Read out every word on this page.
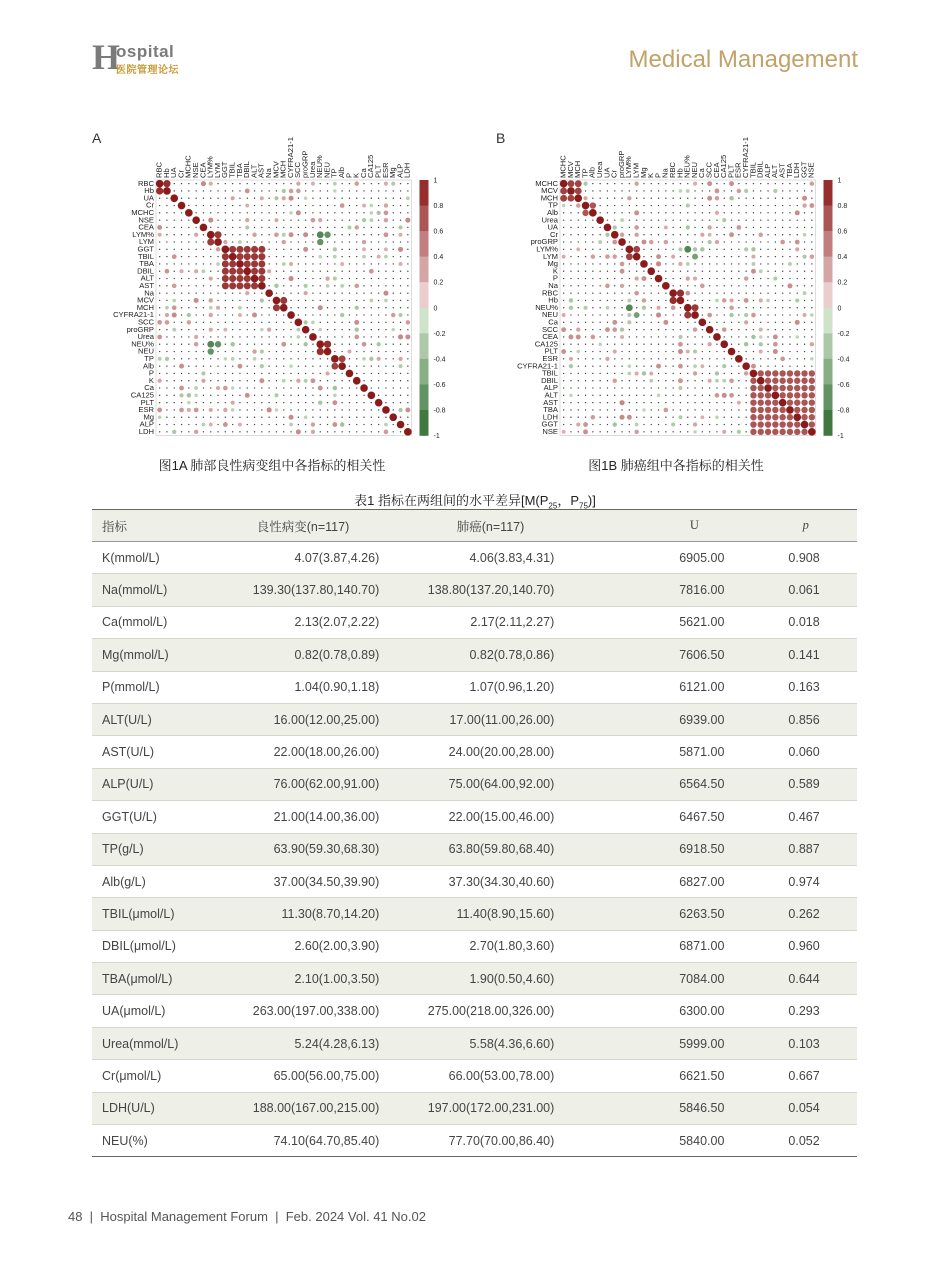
H
ospital
医院管理论坛	Medical Management
A	B
RBC
RBC
Hb
Hb
UA
UA
Cr
Cr
MCHC
MCHC
NSE
NSE
CEA
CEA
LYM%
LYM%
LYM
LYM
GGT
GGT
TBIL
TBIL
TBA
TBA
DBIL
DBIL
ALT
ALT
AST
AST
Na
Na
MCV
MCV
MCH
MCH
CYFRA21-1
CYFRA21-1
SCC
SCC
proGRP
proGRP
Urea
Urea
NEU%
NEU%
NEU
NEU
TP
TP
Alb
Alb
P
P
K
K
Ca
Ca
CA125
CA125
PLT
PLT
ESR
ESR
Mg
Mg
ALP
ALP
LDH
LDH
1
0.8
0.6
0.4
0.2
0
-0.2
-0.4
-0.6
-0.8
-1
MCHC
MCHC
MCV
MCV
MCH
MCH
TP
TP
Alb
Alb
Urea
Urea
UA
UA
Cr
Cr
proGRP
proGRP
LYM%
LYM%
LYM
LYM
Mg
Mg
K
K
P
P
Na
Na
RBC
RBC
Hb
Hb
NEU%
NEU%
NEU
NEU
Ca
Ca
SCC
SCC
CEA
CEA
CA125
CA125
PLT
PLT
ESR
ESR
CYFRA21-1
CYFRA21-1
TBIL
TBIL
DBIL
DBIL
ALP
ALP
ALT
ALT
AST
AST
TBA
TBA
LDH
LDH
GGT
GGT
NSE
NSE
1
0.8
0.6
0.4
0.2
0
-0.2
-0.4
-0.6
-0.8
-1
图1A 肺部良性病变组中各指标的相关性	图1B 肺癌组中各指标的相关性
表1 指标在两组间的水平差异[$M(P_{25}$，$P_{75}$)]
指标	良性病变(n=117)	肺癌(n=117)	U	p
K(mmol/L)	4.07(3.87,4.26)	4.06(3.83,4.31)	6905.00	0.908
Na(mmol/L)	139.30(137.80,140.70)	138.80(137.20,140.70)	7816.00	0.061
Ca(mmol/L)	2.13(2.07,2.22)	2.17(2.11,2.27)	5621.00	0.018
Mg(mmol/L)	0.82(0.78,0.89)	0.82(0.78,0.86)	7606.50	0.141
P(mmol/L)	1.04(0.90,1.18)	1.07(0.96,1.20)	6121.00	0.163
ALT(U/L)	16.00(12.00,25.00)	17.00(11.00,26.00)	6939.00	0.856
AST(U/L)	22.00(18.00,26.00)	24.00(20.00,28.00)	5871.00	0.060
ALP(U/L)	76.00(62.00,91.00)	75.00(64.00,92.00)	6564.50	0.589
GGT(U/L)	21.00(14.00,36.00)	22.00(15.00,46.00)	6467.50	0.467
TP(g/L)	63.90(59.30,68.30)	63.80(59.80,68.40)	6918.50	0.887
Alb(g/L)	37.00(34.50,39.90)	37.30(34.30,40.60)	6827.00	0.974
TBIL(μmol/L)	11.30(8.70,14.20)	11.40(8.90,15.60)	6263.50	0.262
DBIL(μmol/L)	2.60(2.00,3.90)	2.70(1.80,3.60)	6871.00	0.960
TBA(μmol/L)	2.10(1.00,3.50)	1.90(0.50,4.60)	7084.00	0.644
UA(μmol/L)	263.00(197.00,338.00)	275.00(218.00,326.00)	6300.00	0.293
Urea(mmol/L)	5.24(4.28,6.13)	5.58(4.36,6.60)	5999.00	0.103
Cr(μmol/L)	65.00(56.00,75.00)	66.00(53.00,78.00)	6621.50	0.667
LDH(U/L)	188.00(167.00,215.00)	197.00(172.00,231.00)	5846.50	0.054
NEU(%)	74.10(64.70,85.40)	77.70(70.00,86.40)	5840.00	0.052
48  |  Hospital Management Forum  |  Feb. 2024 Vol. 41 No.02
